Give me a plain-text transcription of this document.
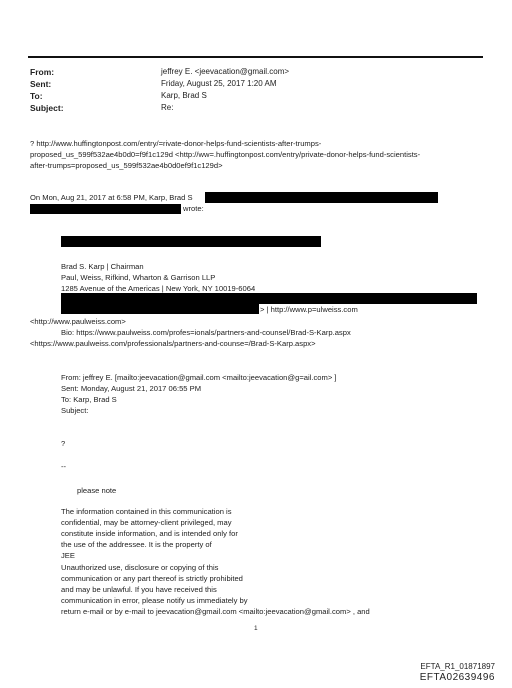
From:	jeffrey E. <jeevacation@gmail.com>
Sent:	Friday, August 25, 2017 1:20 AM
To:	Karp, Brad S
Subject:	Re:
? http://www.huffingtonpost.com/entry/=rivate-donor-helps-fund-scientists-after-trumps-
proposed_us_599f532ae4b0d0=f9f1c129d <http://ww=.huffingtonpost.com/entry/private-donor-helps-fund-scientists-
after-trumps=proposed_us_599f532ae4b0d0ef9f1c129d>
On Mon, Aug 21, 2017 at 6:58 PM, Karp, Brad S
wrote:
Brad S. Karp | Chairman
Paul, Weiss, Rifkind, Wharton & Garrison LLP
1285 Avenue of the Americas | New York, NY 10019-6064
> | http://www.p=ulweiss.com
<http://www.paulweiss.com>
Bio: https://www.paulweiss.com/profes=ionals/partners-and-counsel/Brad-S-Karp.aspx
<https://www.paulweiss.com/professionals/partners-and-counse=/Brad-S-Karp.aspx>
From: jeffrey E. [mailto:jeevacation@gmail.com <mailto:jeevacation@g=ail.com> ]
Sent: Monday, August 21, 2017 06:55 PM
To: Karp, Brad S
Subject:
?
--
please note
The information contained in this communication is
confidential, may be attorney-client privileged, may
constitute inside information, and is intended only for
the use of the addressee. It is the property of
JEE
Unauthorized use, disclosure or copying of this
communication or any part thereof is strictly prohibited
and may be unlawful. If you have received this
communication in error, please notify us immediately by
return e-mail or by e-mail to jeevacation@gmail.com <mailto:jeevacation@gmail.com> , and
1
EFTA_R1_01871897
EFTA02639496
